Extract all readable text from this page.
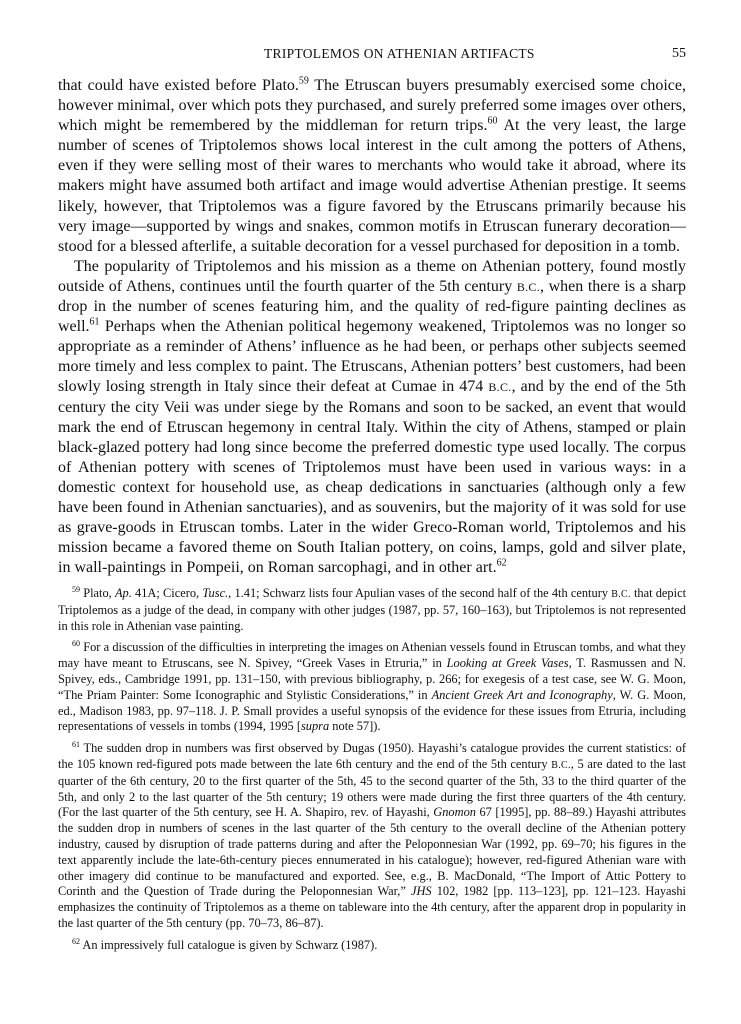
TRIPTOLEMOS ON ATHENIAN ARTIFACTS	55

that could have existed before Plato.$^{59}$ The Etruscan buyers presumably exercised some choice, however minimal, over which pots they purchased, and surely preferred some images over others, which might be remembered by the middleman for return trips.$^{60}$ At the very least, the large number of scenes of Triptolemos shows local interest in the cult among the potters of Athens, even if they were selling most of their wares to merchants who would take it abroad, where its makers might have assumed both artifact and image would advertise Athenian prestige. It seems likely, however, that Triptolemos was a figure favored by the Etruscans primarily because his very image—supported by wings and snakes, common motifs in Etruscan funerary decoration—stood for a blessed afterlife, a suitable decoration for a vessel purchased for deposition in a tomb.

The popularity of Triptolemos and his mission as a theme on Athenian pottery, found mostly outside of Athens, continues until the fourth quarter of the 5th century B.C., when there is a sharp drop in the number of scenes featuring him, and the quality of red-figure painting declines as well.$^{61}$ Perhaps when the Athenian political hegemony weakened, Triptolemos was no longer so appropriate as a reminder of Athens’ influence as he had been, or perhaps other subjects seemed more timely and less complex to paint. The Etruscans, Athenian potters’ best customers, had been slowly losing strength in Italy since their defeat at Cumae in 474 B.C., and by the end of the 5th century the city Veii was under siege by the Romans and soon to be sacked, an event that would mark the end of Etruscan hegemony in central Italy. Within the city of Athens, stamped or plain black-glazed pottery had long since become the preferred domestic type used locally. The corpus of Athenian pottery with scenes of Triptolemos must have been used in various ways: in a domestic context for household use, as cheap dedications in sanctuaries (although only a few have been found in Athenian sanctuaries), and as souvenirs, but the majority of it was sold for use as grave-goods in Etruscan tombs. Later in the wider Greco-Roman world, Triptolemos and his mission became a favored theme on South Italian pottery, on coins, lamps, gold and silver plate, in wall-paintings in Pompeii, on Roman sarcophagi, and in other art.$^{62}$

$^{59}$ Plato, Ap. 41A; Cicero, Tusc., 1.41; Schwarz lists four Apulian vases of the second half of the 4th century B.C. that depict Triptolemos as a judge of the dead, in company with other judges (1987, pp. 57, 160–163), but Triptolemos is not represented in this role in Athenian vase painting.

$^{60}$ For a discussion of the difficulties in interpreting the images on Athenian vessels found in Etruscan tombs, and what they may have meant to Etruscans, see N. Spivey, “Greek Vases in Etruria,” in Looking at Greek Vases, T. Rasmussen and N. Spivey, eds., Cambridge 1991, pp. 131–150, with previous bibliography, p. 266; for exegesis of a test case, see W. G. Moon, “The Priam Painter: Some Iconographic and Stylistic Considerations,” in Ancient Greek Art and Iconography, W. G. Moon, ed., Madison 1983, pp. 97–118. J. P. Small provides a useful synopsis of the evidence for these issues from Etruria, including representations of vessels in tombs (1994, 1995 [supra note 57]).

$^{61}$ The sudden drop in numbers was first observed by Dugas (1950). Hayashi’s catalogue provides the current statistics: of the 105 known red-figured pots made between the late 6th century and the end of the 5th century B.C., 5 are dated to the last quarter of the 6th century, 20 to the first quarter of the 5th, 45 to the second quarter of the 5th, 33 to the third quarter of the 5th, and only 2 to the last quarter of the 5th century; 19 others were made during the first three quarters of the 4th century. (For the last quarter of the 5th century, see H. A. Shapiro, rev. of Hayashi, Gnomon 67 [1995], pp. 88–89.) Hayashi attributes the sudden drop in numbers of scenes in the last quarter of the 5th century to the overall decline of the Athenian pottery industry, caused by disruption of trade patterns during and after the Peloponnesian War (1992, pp. 69–70; his figures in the text apparently include the late-6th-century pieces ennumerated in his catalogue); however, red-figured Athenian ware with other imagery did continue to be manufactured and exported. See, e.g., B. MacDonald, “The Import of Attic Pottery to Corinth and the Question of Trade during the Peloponnesian War,” JHS 102, 1982 [pp. 113–123], pp. 121–123. Hayashi emphasizes the continuity of Triptolemos as a theme on tableware into the 4th century, after the apparent drop in popularity in the last quarter of the 5th century (pp. 70–73, 86–87).

$^{62}$ An impressively full catalogue is given by Schwarz (1987).
